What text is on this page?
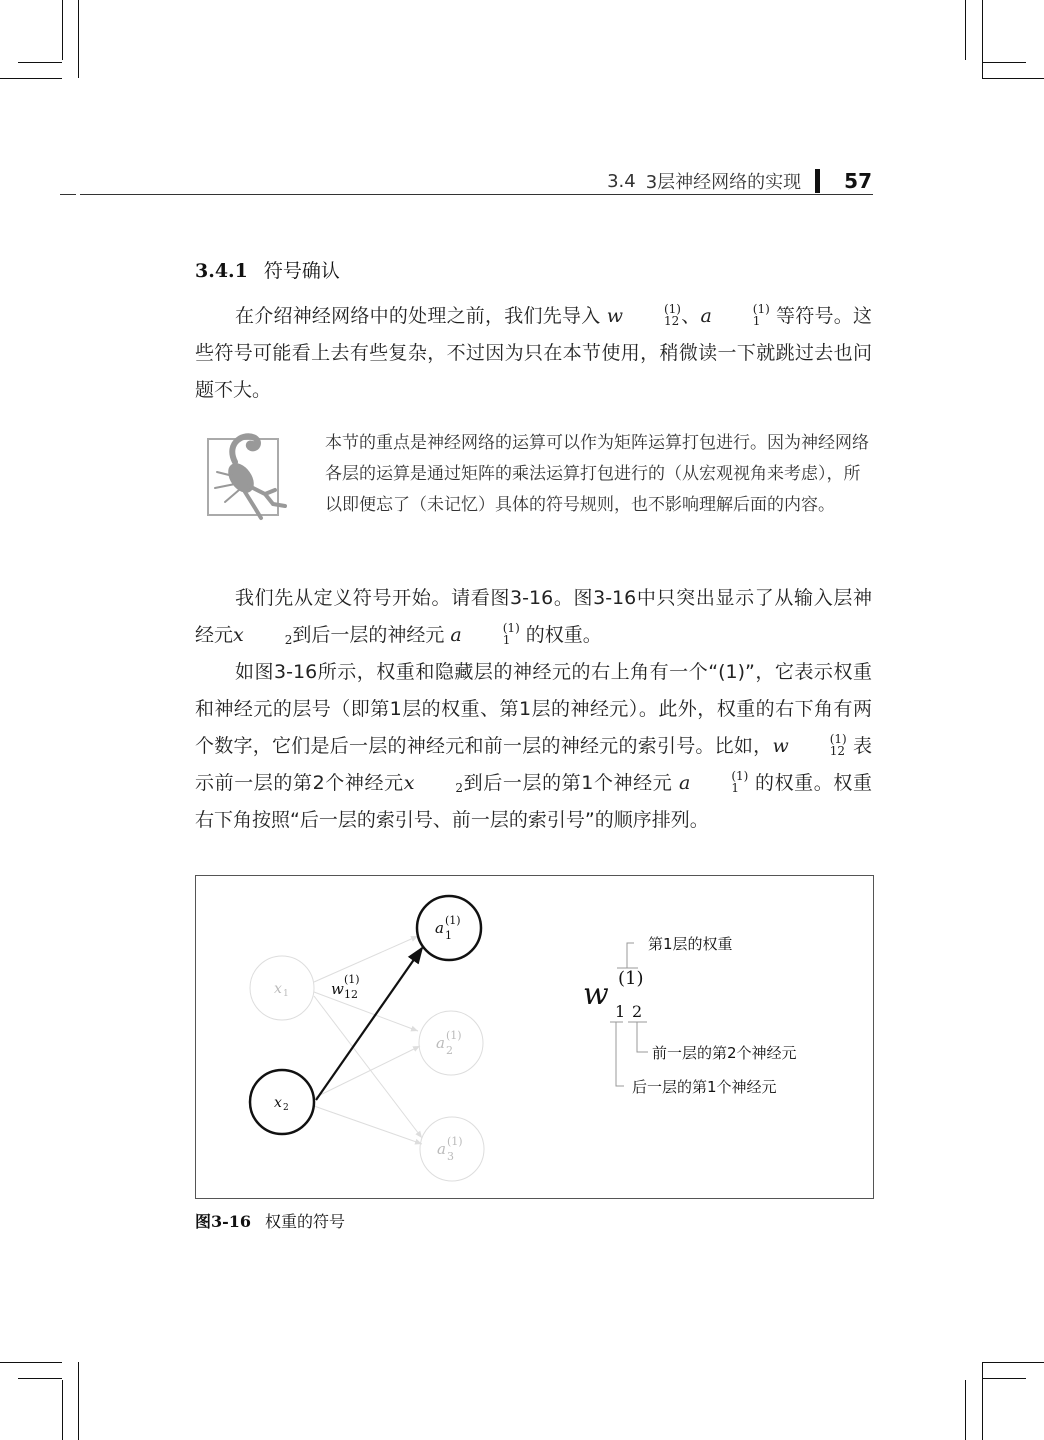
3.4 3层神经网络的实现 57
3.4.1 符号确认
在介绍神经网络中的处理之前，我们先导入 w	(1)
12 、a	(1)
1 等符号。这些符号可能看上去有些复杂，不过因为只在本节使用，稍微读一下就跳过去也问题不大。
本节的重点是神经网络的运算可以作为矩阵运算打包进行。因为神经网络各层的运算是通过矩阵的乘法运算打包进行的（从宏观视角来考虑），所以即便忘了（未记忆）具体的符号规则，也不影响理解后面的内容。
我们先从定义符号开始。请看图3-16。图3-16中只突出显示了从输入层神经元x	2 到后一层的神经元 a	(1)
1 的权重。
如图3-16所示，权重和隐藏层的神经元的右上角有一个“(1)”，它表示权重和神经元的层号（即第1层的权重、第1层的神经元）。此外，权重的右下角有两个数字，它们是后一层的神经元和前一层的神经元的索引号。比如，w	(1)
12 表示前一层的第2个神经元x	2 到后一层的第1个神经元 a	(1)
1 的权重。权重右下角按照“后一层的索引号、前一层的索引号”的顺序排列。
x 1
x 2
a (1)
1
a (1)
2
a (1)
3
w
(1)
12	w (1)
1 2
第1层的权重
前一层的第2个神经元
后一层的第1个神经元
图3-16 权重的符号
